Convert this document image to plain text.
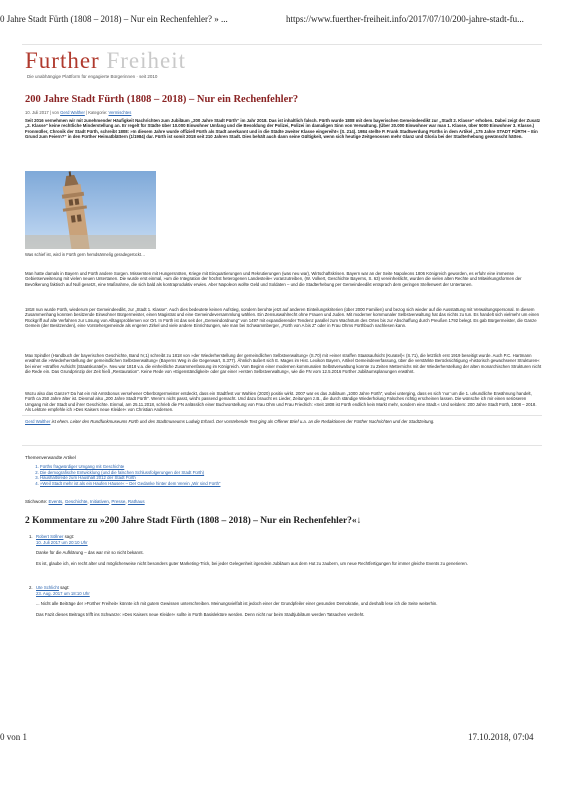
0 Jahre Stadt Fürth (1808 – 2018) – Nur ein Rechenfehler? » ...	https://www.fuerther-freiheit.info/2017/07/10/200-jahre-stadt-fu...
Further Freiheit
Die unabhängige Plattform für engagierte Bürgerinnen · seit 2010
200 Jahre Stadt Fürth (1808 – 2018) – Nur ein Rechenfehler?
10. Juli 2017 | von Gerd Walther | Kategorie: Vermischtes

Seit 2016 vernehmen wir mit zunehmender Häufigkeit Nachrichten zum Jubiläum „200 Jahre Stadt Fürth“ im Jahr 2018. Das ist inhaltlich falsch. Fürth wurde 1808 mit dem bayerischen Gemeindeedikt zur „Stadt 2. Klasse“ erhoben. Dabei zeigt der Zusatz „2. Klasse“ keine rechtliche Minderstellung an. Er regelt für Städte über 10.000 Einwohner Umfang und die Besoldung der Polizei, Polizei im damaligen Sinn von Verwaltung. (Über 20.000 Einwohner war man 1. Klasse, über 5000 Einwohner 3. Klasse.) Fronmüller, Chronik der Stadt Fürth, schreibt 1808: »In diesem Jahre wurde offiziell Fürth als Stadt anerkannt und in die Städte zweiter Klasse eingereiht« (S. 214). 1984 stellte P. Frank Stadtwerdung Fürths in dem Artikel „175 Jahre STADT FÜRTH – Ein Grund zum Feiern?“ in den Fürther Heimatblättern (1/1984) dar. Fürth ist somit 2018 seit 210 Jahren Stadt. Dies behält auch dann seine Gültigkeit, wenn sich heutige Zeitgenossen mehr Glanz und Gloria bei der Stadterhebung gewünscht hätten.

Was schief ist, wird in Fürth gern hemdsärmelig geradegerückt…

Man hatte damals in Bayern und Fürth andere Sorgen. Missernten mit Hungersnöten, Kriege mit Einquartierungen und Rekrutierungen (was neu war), Wirtschaftskrisen. Bayern war an der Seite Napoleons 1806 Königreich geworden, es erfuhr eine immense Gebietserweiterung mit vielen neuen Untertanen. Die wurde erst einmal, »um die Integration der höchst heterogenen Landesteile« voranzutreiben, (W. Volkert, Geschichte Bayerns, S. 63) vereinheitlicht, wurden die vielen alten Rechte und Mitwirkungsformen der Bevölkerung faktisch auf Null gesetzt, eine Maßnahme, die sich bald als kontraproduktiv erwies. Aber Napoleon wollte Geld und Soldaten – und die Stadterhebung per Gemeindeedikt entsprach dem geringen Stellenwert der Untertanen.

1818 nun wurde Fürth, wiederum per Gemeindeedikt, zur „Stadt 1. Klasse“. Auch dies bedeutete keinen Aufstieg, sondern beruhte jetzt auf anderen Einteilungskriterien (über 2000 Familien) und bezog sich wieder auf die Ausstattung mit Verwaltungspersonal. In diesem Zusammenhang konnten besitzende Einwohner Bürgermeister, einen Magistrat und eine Gemeindeversammlung wählen. Ein Zensuswahlrecht ohne Frauen und Juden. Mit moderner kommunaler Selbstverwaltung hat das nichts zu tun. Es handelt sich vielmehr um einen Rückgriff auf alte Verfahren zur Lösung von Alltagsproblemen vor Ort. In Fürth ist das seit der „Gemeindordnung“ von 1497 mit expandierender Tendenz parallel zum Wachstum des Ortes bis zur Abschaffung durch Preußen 1792 belegt. Es gab Bürgermeister, die Ganze Gemein (der Besitzenden), eine Vorstehergemeinde als engeren Zirkel und viele andere Einrichtungen, wie man bei Schwammberger, „Fürth von A bis Z“ oder in Frau Ohms Fürthbuch nachlesen kann.

Max Spindler (Handbuch der bayerischen Geschichte, Band IV,1) schreibt zu 1818 von »der Wiederherstellung der gemeindlichen Selbstverwaltung« (S.70) mit »einer straffen Staatsaufsicht (Kuratel)« (S.71), die letztlich erst 1919 beseitigt wurde. Auch P.C. Hartmann erwähnt die »Wiederherstellung der gemeindlichen Selbstverwaltung« (Bayerns Weg in die Gegenwart, S.377). Ähnlich äußert sich E. Mages im Hist. Lexikon Bayern, Artikel Gemeindeverfassung, über die verstärkte Berücksichtigung »historisch gewachsener Strukturen« bei einer »straffen Aufsicht (Staatskuratel)«. Neu war 1818 v.a. die einheitliche Zusammenfassung im Königreich. Vom Beginn einer modernen kommunalen Selbstverwaltung konnte zu Zeiten Metternichs mit der Wiederherstellung der alten monarchischen Strukturen nicht die Rede ein. Das Grundprinzip der Zeit hieß „Restauration“. Keine Rede von »Eigenständigkeit« oder gar einer »ersten Selbstverwaltung«, wie die FN vom 12.5.2016 Fürther Jubiläumsplanungen erwähnt.

Wozu also das Ganze? Da hat ein mit Amtsbonus versehener Oberbürgermeister entdeckt, dass ein Stadtfest vor Wahlen (2020) positiv wirkt. 2007 war es das Jubiläum „1000 Jahre Fürth“, wobei unterging, dass es sich ‘nur’ um die 1. urkundliche Erwähnung handelt, Fürth ca 250 Jahre älter ist. Diesmal also „200 Jahre Stadt Fürth“. Wenn’s nicht passt, wird’s passend gemacht. Und dazu braucht es Lieder, Zeitungen z.B., die durch ständige Wiederholung Falsches richtig erscheinen lassen. Die wünsche ich mir einen seriöseren Umgang mit der Stadt und ihrer Geschichte. Einmal, am 25.11.2018, schrieb die FN anlässlich einer Buchvorstellung von Frau Ohm und Frau Friedrich: »Seit 1808 ist Fürth endlich kein Markt mehr, sondern eine Stadt.« Und seitdem: 200 Jahre Stadt Fürth, 1808 – 2018. Als Lektüre empfehle ich »Des Kaisers neue Kleider« von Christian Andersen.

Gerd Walther ist ehem. Leiter des Rundfunkmuseums Fürth und des Stadtmuseums Ludwig Erhard. Der vorstehende Text ging als Offener Brief u.a. an die Redaktionen der Fürther Nachrichten und der StadtZeitung.
Themenverwandte Artikel
1. Fürths fragwürdiger Umgang mit Geschichte
2. Die demografische Entwicklung (und die falschen Schlussfolgerungen der Stadt Fürth)
3. Haushaltsrede zum Haushalt 2012 der Stadt Fürth
4. »Weil Stadt mehr ist als ein Haufen Häuser« – Der Gedanke hinter dem Verein „Wir sind Fürth“
Stichworte: Events, Geschichte, Initiativen, Presse, Rathaus
2 Kommentare zu »200 Jahre Stadt Fürth (1808 – 2018) – Nur ein Rechenfehler?«↓
1. Robert Söllner sagt:
10. Juli 2017 um 20:10 Uhr
Danke für die Aufklärung – das war mir so nicht bekannt.
Es ist, glaube ich, ein recht alter und möglicherweise nicht besonders guter Marketing-Trick, bei jeder Gelegenheit irgendein Jubiläum aus dem Hut zu zaubern, um neue Rechtfertigungen für immer gleiche Events zu generieren.
2. Ute Schlicht sagt:
23. Aug. 2017 um 18:10 Uhr
... Nicht alle Beiträge der »Fürther Freiheit« könnte ich mit gutem Gewissen unterschreiben. Meinungsvielfalt ist jedoch einer der Grundpfeiler einer gesunden Demokratie, und deshalb lese ich die Seite weiterhin.
Das Fazit dieses Beitrags trifft ins Schwarze: »Des Kaisers neue Kleider« sollte in Fürth Basislektüre werden. Denn nicht nur beim Stadtjubiläum werden Tatsachen verdreht.
0 von 1	17.10.2018, 07:04
